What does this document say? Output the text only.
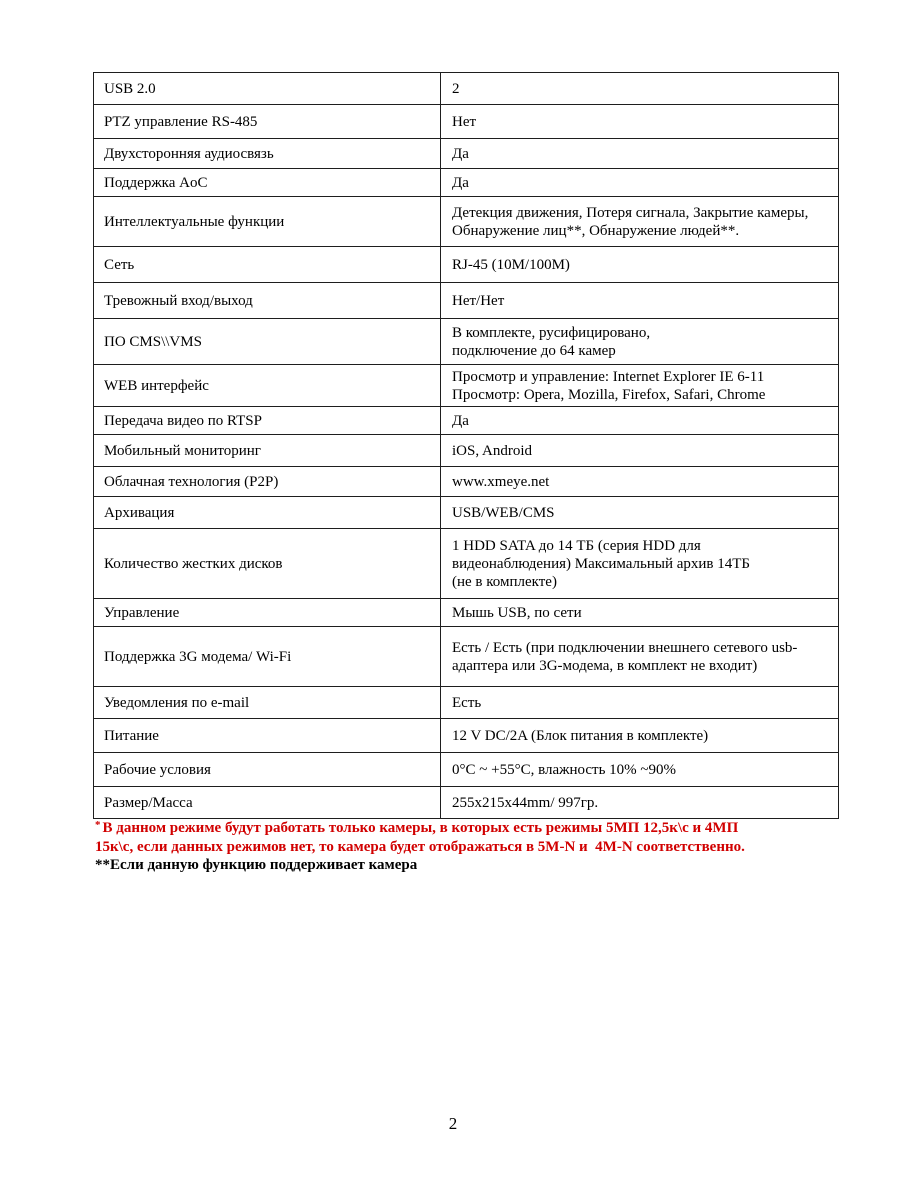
USB 2.0	2

PTZ управление RS-485	Нет

Двухсторонняя аудиосвязь	Да

Поддержка AoC	Да

Интеллектуальные функции	Детекция движения, Потеря сигнала, Закрытие камеры,
Обнаружение лиц**, Обнаружение людей**.

Сеть	RJ-45 (10M/100M)

Тревожный вход/выход	Нет/Нет

ПО CMS\\VMS	В комплекте, русифицировано,
подключение до 64 камер

WEB интерфейс	Просмотр и управление: Internet Explorer IE 6-11
Просмотр: Opera, Mozilla, Firefox, Safari, Chrome

Передача видео по RTSP	Да

Мобильный мониторинг	iOS, Android

Облачная технология (P2P)	www.xmeye.net

Архивация	USB/WEB/CMS

Количество жестких дисков	1 HDD SATA до 14 ТБ (серия HDD для
видеонаблюдения) Максимальный архив 14ТБ
(не в комплекте)

Управление	Мышь USB, по сети

Поддержка 3G модема/ Wi-Fi	Есть / Есть (при подключении внешнего сетевого usb-
адаптера или 3G-модема, в комплект не входит)

Уведомления по e-mail	Есть

Питание	12 V DC/2A (Блок питания в комплекте)

Рабочие условия	0°C ~ +55°C, влажность 10% ~90%

Размер/Масса	255x215x44mm/ 997гр.
* В данном режиме будут работать только камеры, в которых есть режимы 5МП 12,5к\с и 4МП
15к\с, если данных режимов нет, то камера будет отображаться в 5M-N и  4M-N соответственно.
**Если данную функцию поддерживает камера
2
